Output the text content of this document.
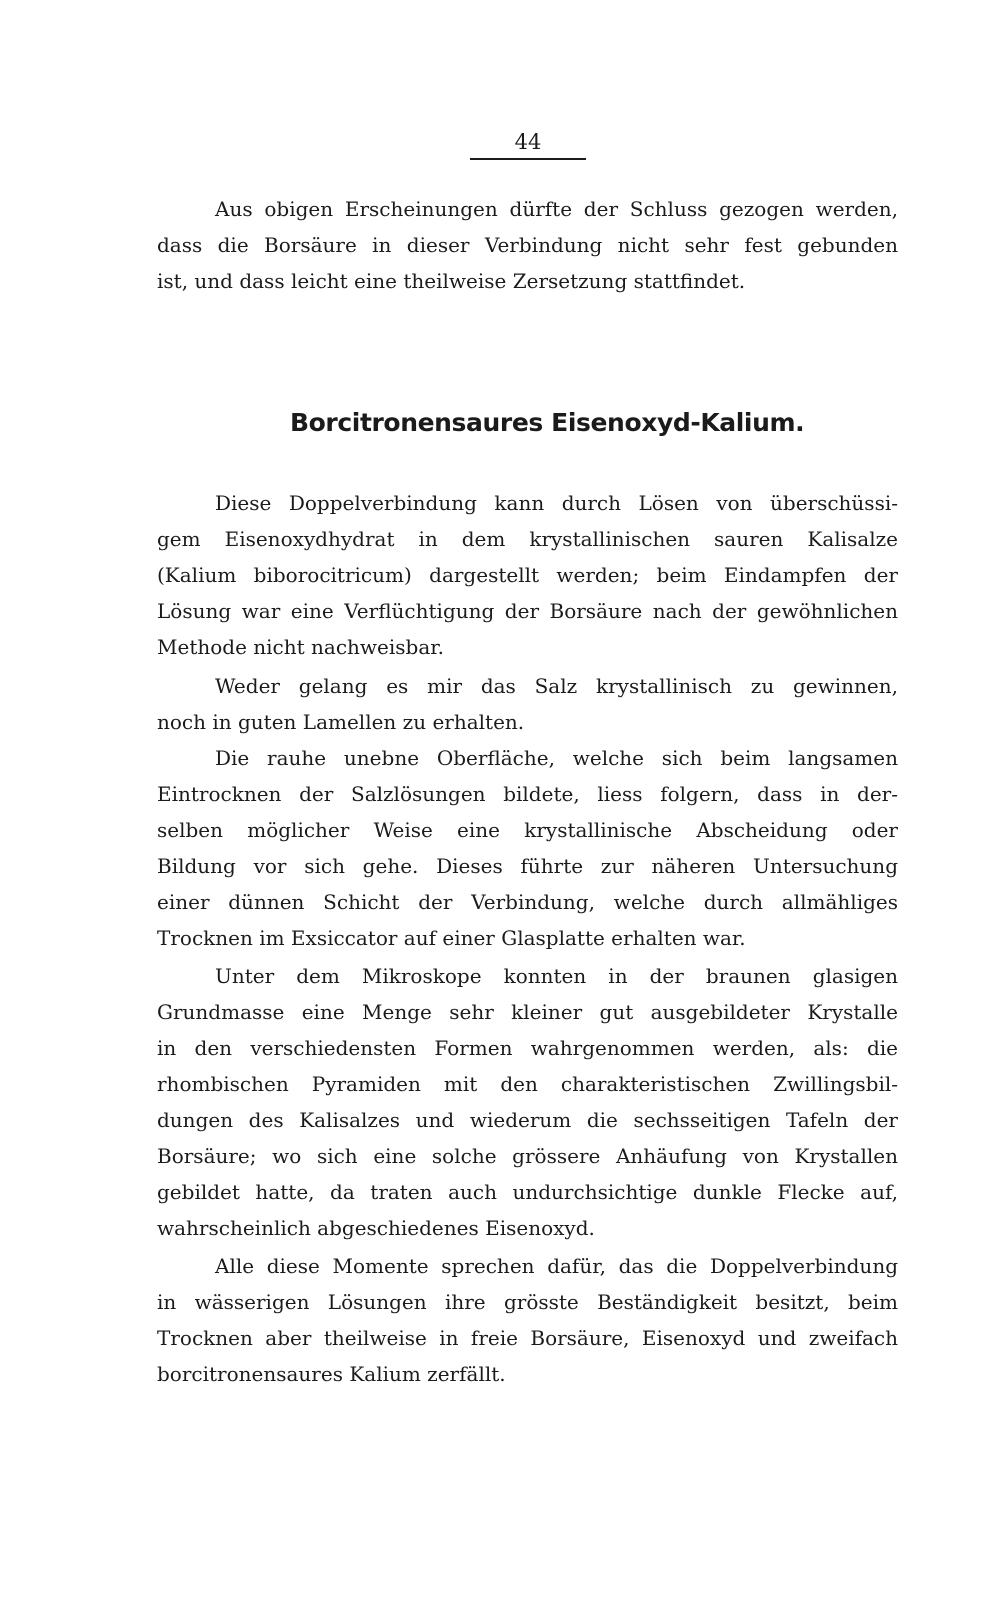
44
Aus obigen Erscheinungen dürfte der Schluss gezogen werden,
dass die Borsäure in dieser Verbindung nicht sehr fest gebunden
ist, und dass leicht eine theilweise Zersetzung stattfindet.
Borcitronensaures Eisenoxyd-Kalium.
Diese Doppelverbindung kann durch Lösen von überschüssi-
gem Eisenoxydhydrat in dem krystallinischen sauren Kalisalze
(Kalium biborocitricum) dargestellt werden; beim Eindampfen der
Lösung war eine Verflüchtigung der Borsäure nach der gewöhnlichen
Methode nicht nachweisbar.
Weder gelang es mir das Salz krystallinisch zu gewinnen,
noch in guten Lamellen zu erhalten.
Die rauhe unebne Oberfläche, welche sich beim langsamen
Eintrocknen der Salzlösungen bildete, liess folgern, dass in der-
selben möglicher Weise eine krystallinische Abscheidung oder
Bildung vor sich gehe. Dieses führte zur näheren Untersuchung
einer dünnen Schicht der Verbindung, welche durch allmähliges
Trocknen im Exsiccator auf einer Glasplatte erhalten war.
Unter dem Mikroskope konnten in der braunen glasigen
Grundmasse eine Menge sehr kleiner gut ausgebildeter Krystalle
in den verschiedensten Formen wahrgenommen werden, als: die
rhombischen Pyramiden mit den charakteristischen Zwillingsbil-
dungen des Kalisalzes und wiederum die sechsseitigen Tafeln der
Borsäure; wo sich eine solche grössere Anhäufung von Krystallen
gebildet hatte, da traten auch undurchsichtige dunkle Flecke auf,
wahrscheinlich abgeschiedenes Eisenoxyd.
Alle diese Momente sprechen dafür, das die Doppelverbindung
in wässerigen Lösungen ihre grösste Beständigkeit besitzt, beim
Trocknen aber theilweise in freie Borsäure, Eisenoxyd und zweifach
borcitronensaures Kalium zerfällt.
